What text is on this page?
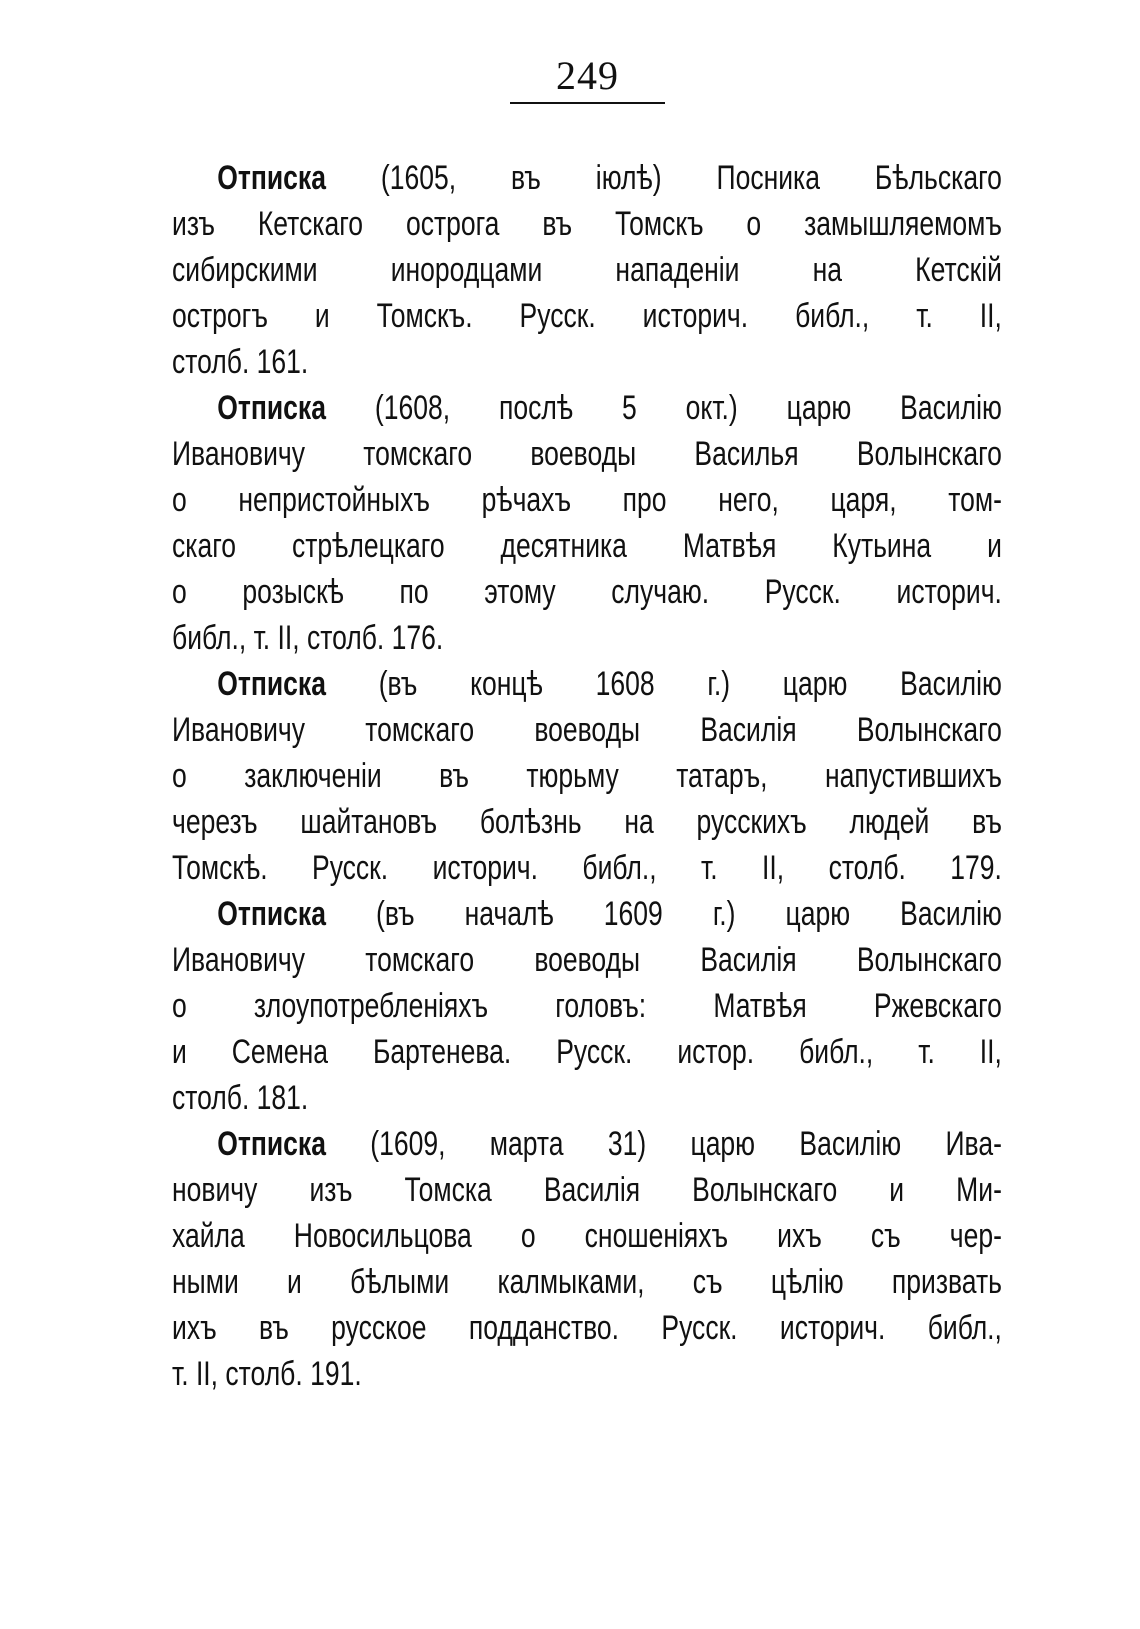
249
Отписка (1605, въ іюлѣ) Посника Бѣльскаго
изъ Кетскаго острога въ Томскъ о замышляемомъ
сибирскими инородцами нападеніи на Кетскій
острогъ и Томскъ. Русск. историч. библ., т. II,
столб. 161.
Отписка (1608, послѣ 5 окт.) царю Василію
Ивановичу томскаго воеводы Василья Волынскаго
о непристойныхъ рѣчахъ про него, царя, том-
скаго стрѣлецкаго десятника Матвѣя Кутьина и
о розыскѣ по этому случаю. Русск. историч.
библ., т. II, столб. 176.
Отписка (въ концѣ 1608 г.) царю Василію
Ивановичу томскаго воеводы Василія Волынскаго
о заключеніи въ тюрьму татаръ, напустившихъ
черезъ шайтановъ болѣзнь на русскихъ людей въ
Томскѣ. Русск. историч. библ., т. II, столб. 179.
Отписка (въ началѣ 1609 г.) царю Василію
Ивановичу томскаго воеводы Василія Волынскаго
о злоупотребленіяхъ головъ: Матвѣя Ржевскаго
и Семена Бартенева. Русск. истор. библ., т. II,
столб. 181.
Отписка (1609, марта 31) царю Василію Ива-
новичу изъ Томска Василія Волынскаго и Ми-
хайла Новосильцова о сношеніяхъ ихъ съ чер-
ными и бѣлыми калмыками, съ цѣлію призвать
ихъ въ русское подданство. Русск. историч. библ.,
т. II, столб. 191.
